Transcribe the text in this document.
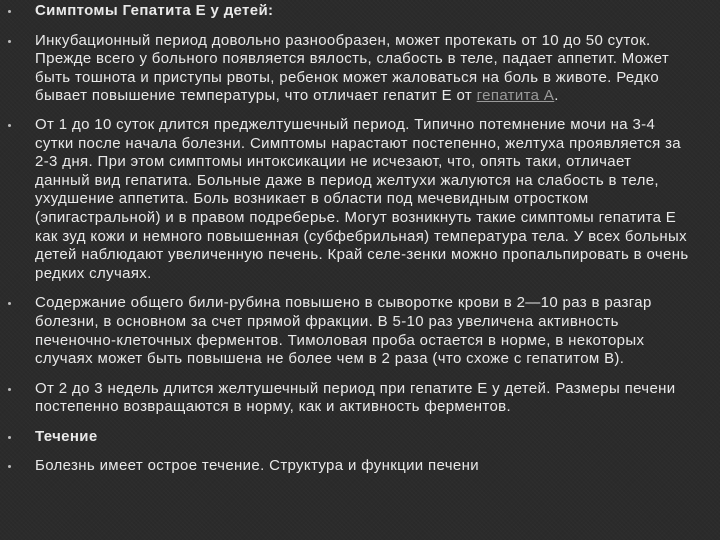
Симптомы Гепатита Е у детей:
Инкубационный период довольно разнообразен, может протекать от 10 до 50 суток. Прежде всего у больного появляется вялость, слабость в теле, падает аппетит. Может быть тошнота и приступы рвоты, ребенок может жаловаться на боль в животе. Редко бывает повышение температуры, что отличает гепатит Е от гепатита А.
От 1 до 10 суток длится преджелтушечный период. Типично потемнение мочи на 3-4 сутки после начала болезни. Симптомы нарастают постепенно, желтуха проявляется за 2-3 дня. При этом симптомы интоксикации не исчезают, что, опять таки, отличает данный вид гепатита. Больные даже в период желтухи жалуются на слабость в теле, ухудшение аппетита. Боль возникает в области под мечевидным отростком (эпигастральной) и в правом подреберье. Могут возникнуть такие симптомы гепатита Е как зуд кожи и немного повышенная (субфебрильная) температура тела. У всех больных детей наблюдают увеличенную печень. Край селе-зенки можно пропальпировать в очень редких случаях.
Содержание общего били-рубина повышено в сыворотке крови в 2—10 раз в разгар болезни, в основном за счет прямой фракции. В 5-10 раз увеличена активность печеночно-клеточных ферментов. Тимоловая проба остается в норме, в некоторых случаях может быть повышена не более чем в 2 раза (что схоже с гепатитом В).
От 2 до 3 недель длится желтушечный период при гепатите Е у детей. Размеры печени постепенно возвращаются в норму, как и активность ферментов.
Течение
Болезнь имеет острое течение. Структура и функции печени
